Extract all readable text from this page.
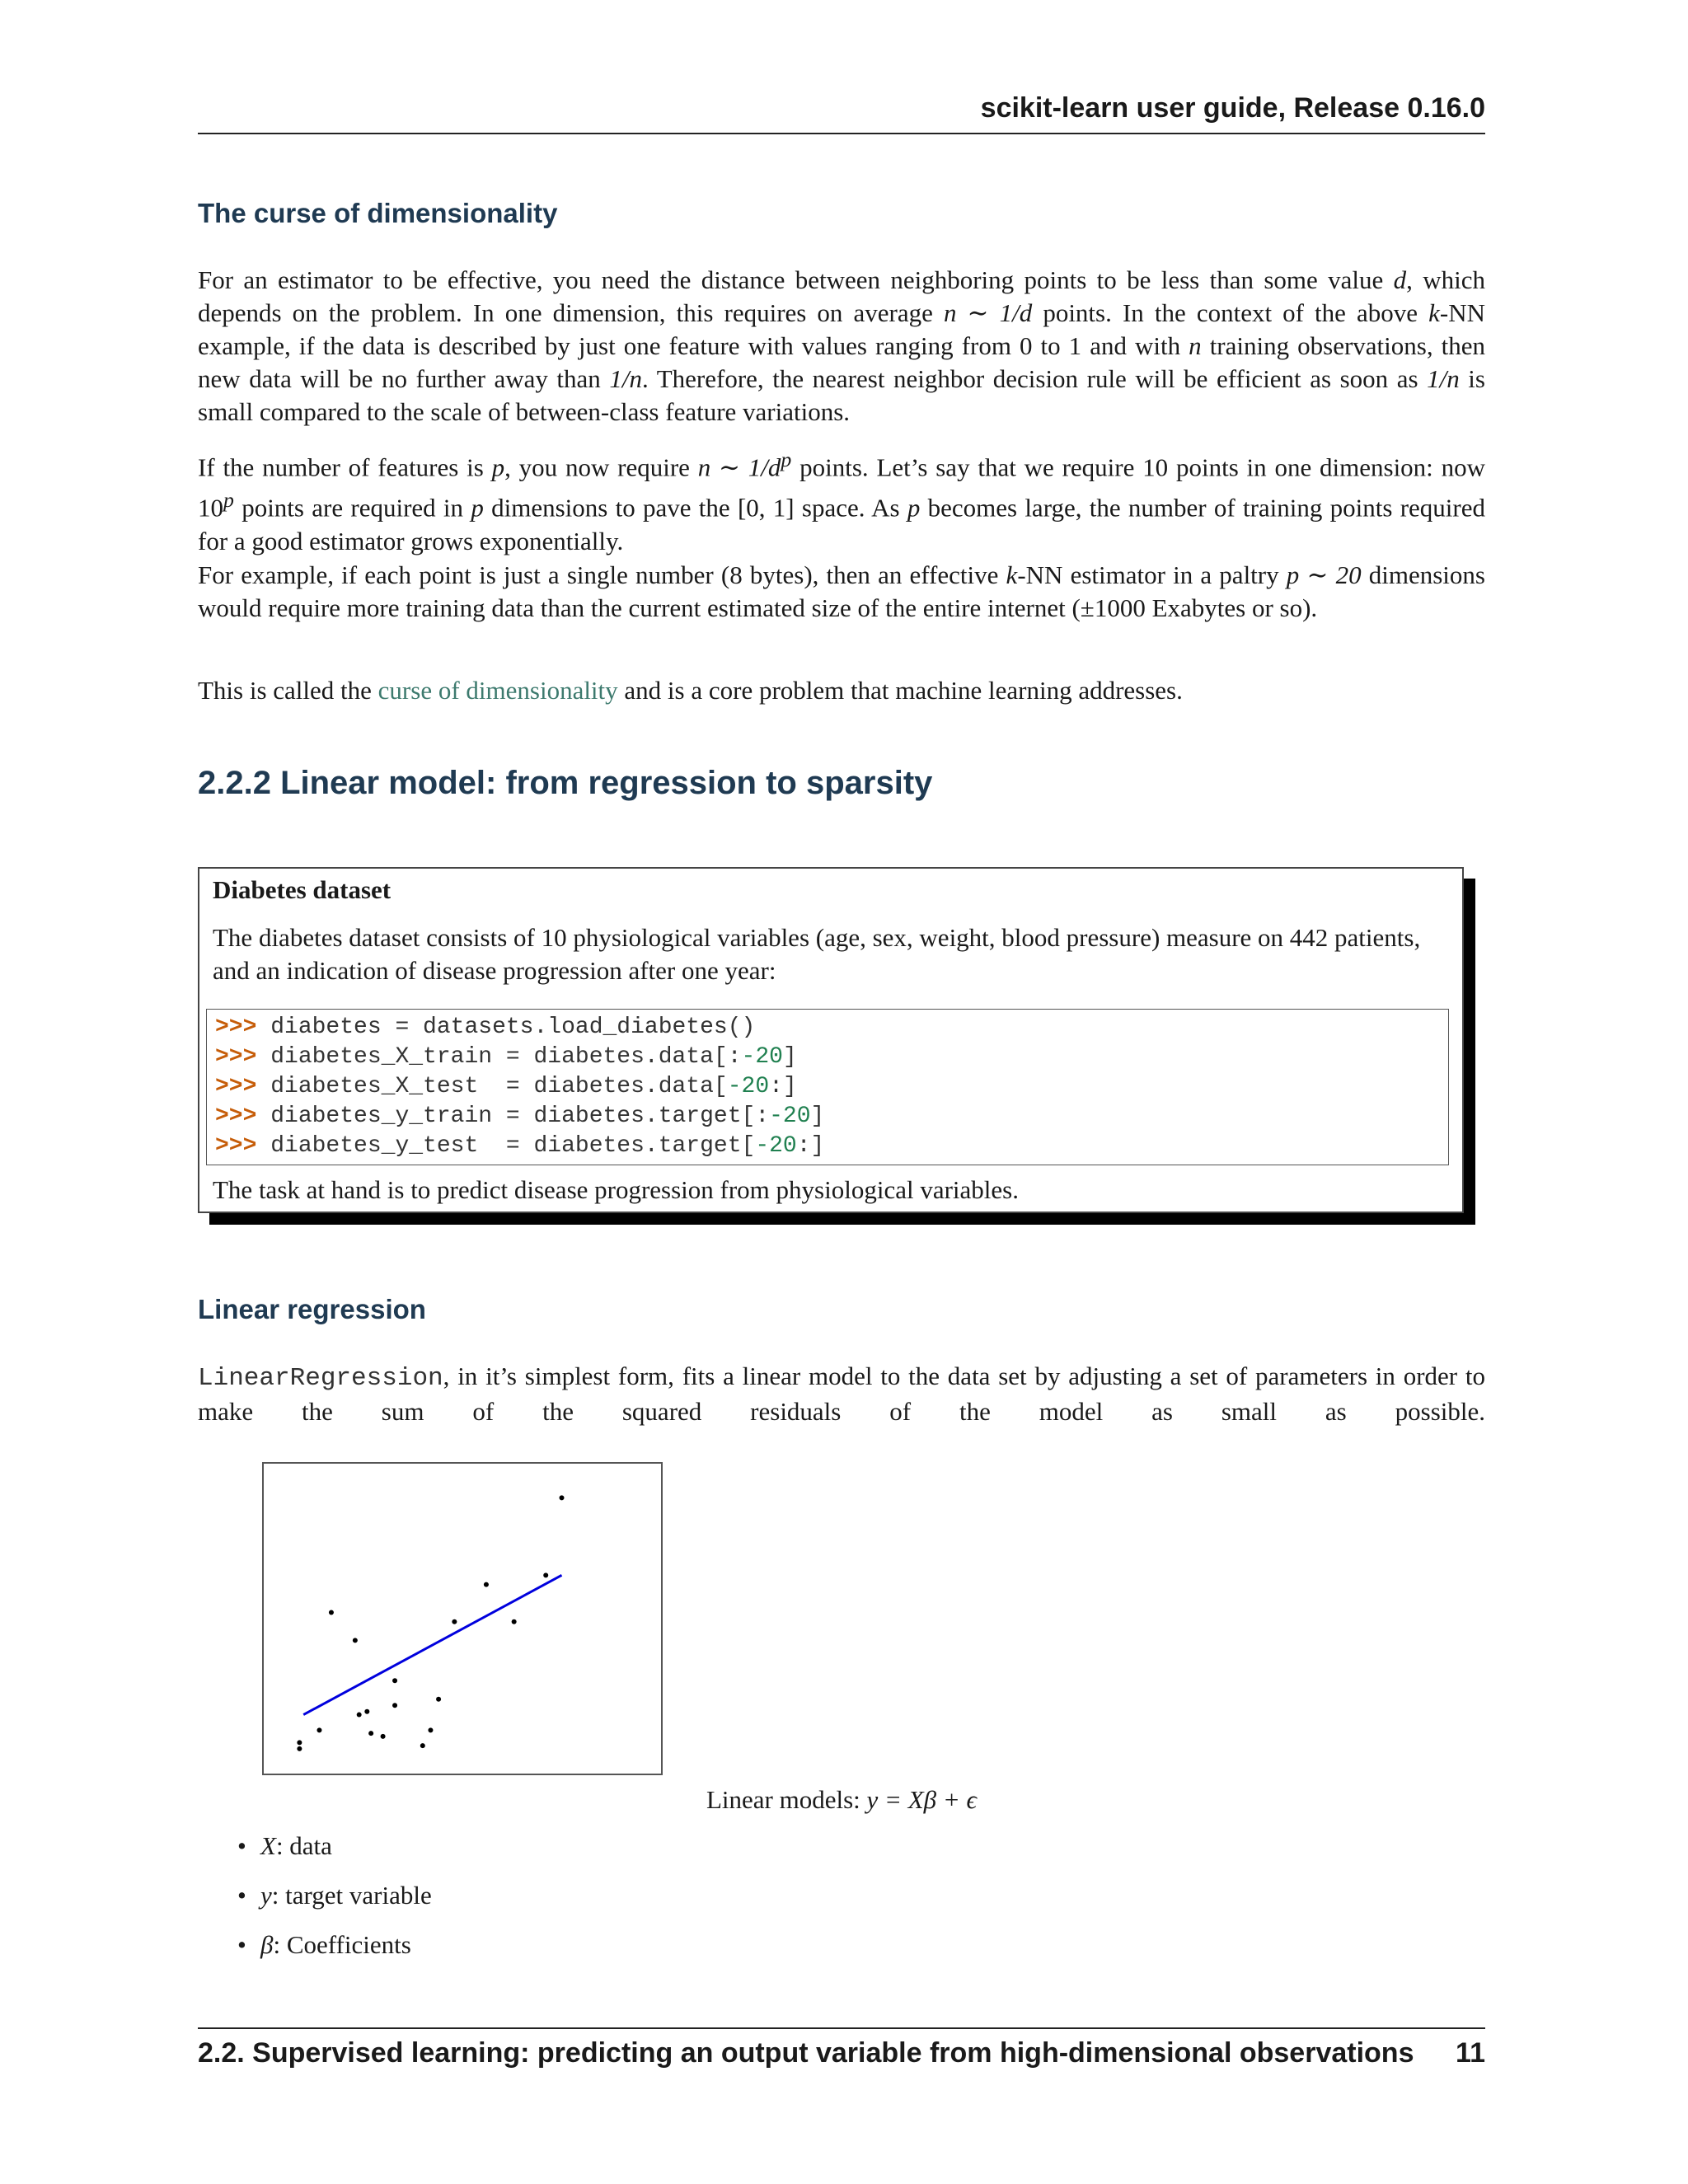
scikit-learn user guide, Release 0.16.0
The curse of dimensionality

For an estimator to be effective, you need the distance between neighboring points to be less than some value d, which depends on the problem. In one dimension, this requires on average n ∼ 1/d points. In the context of the above k-NN example, if the data is described by just one feature with values ranging from 0 to 1 and with n training observations, then new data will be no further away than 1/n. Therefore, the nearest neighbor decision rule will be efficient as soon as 1/n is small compared to the scale of between-class feature variations.

If the number of features is p, you now require n ∼ $1/d^p$ points. Let’s say that we require 10 points in one dimension: now 10$^p$ points are required in p dimensions to pave the [0, 1] space. As p becomes large, the number of training points required for a good estimator grows exponentially.

For example, if each point is just a single number (8 bytes), then an effective k-NN estimator in a paltry p ∼ 20 dimensions would require more training data than the current estimated size of the entire internet (±1000 Exabytes or so).

This is called the curse of dimensionality and is a core problem that machine learning addresses.

2.2.2 Linear model: from regression to sparsity
Diabetes dataset
The diabetes dataset consists of 10 physiological variables (age, sex, weight, blood pressure) measure on 442 patients, and an indication of disease progression after one year:
>>> diabetes = datasets.load_diabetes()
>>> diabetes_X_train = diabetes.data[:-20]
>>> diabetes_X_test  = diabetes.data[-20:]
>>> diabetes_y_train = diabetes.target[:-20]
>>> diabetes_y_test  = diabetes.target[-20:]
The task at hand is to predict disease progression from physiological variables.
Linear regression

LinearRegression, in it’s simplest form, fits a linear model to the data set by adjusting a set of parameters in order to make the sum of the squared residuals of the model as small as possible.

Linear models: y = Xβ + ϵ
• X: data
• y: target variable
• β: Coefficients
2.2. Supervised learning: predicting an output variable from high-dimensional observations 11
